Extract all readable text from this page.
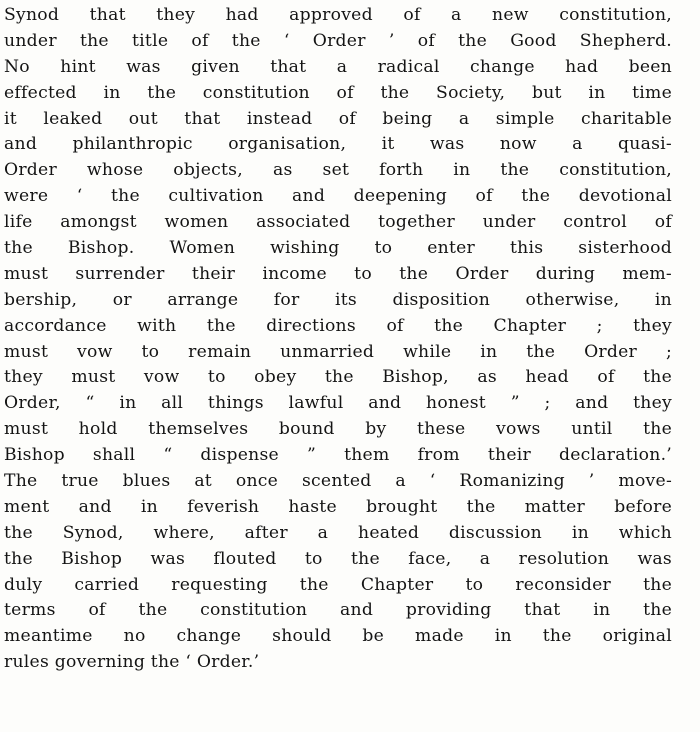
Synod that they had approved of a new constitution,
under the title of the ‘ Order ’ of the Good Shepherd.
No hint was given that a radical change had been
effected in the constitution of the Society, but in time
it leaked out that instead of being a simple charitable
and philanthropic organisation, it was now a quasi-
Order whose objects, as set forth in the constitution,
were ‘ the cultivation and deepening of the devotional
life amongst women associated together under control of
the Bishop. Women wishing to enter this sisterhood
must surrender their income to the Order during mem-
bership, or arrange for its disposition otherwise, in
accordance with the directions of the Chapter ; they
must vow to remain unmarried while in the Order ;
they must vow to obey the Bishop, as head of the
Order, “ in all things lawful and honest ” ; and they
must hold themselves bound by these vows until the
Bishop shall “ dispense ” them from their declaration.’
The true blues at once scented a ‘ Romanizing ’ move-
ment and in feverish haste brought the matter before
the Synod, where, after a heated discussion in which
the Bishop was flouted to the face, a resolution was
duly carried requesting the Chapter to reconsider the
terms of the constitution and providing that in the
meantime no change should be made in the original
rules governing the ‘ Order.’
